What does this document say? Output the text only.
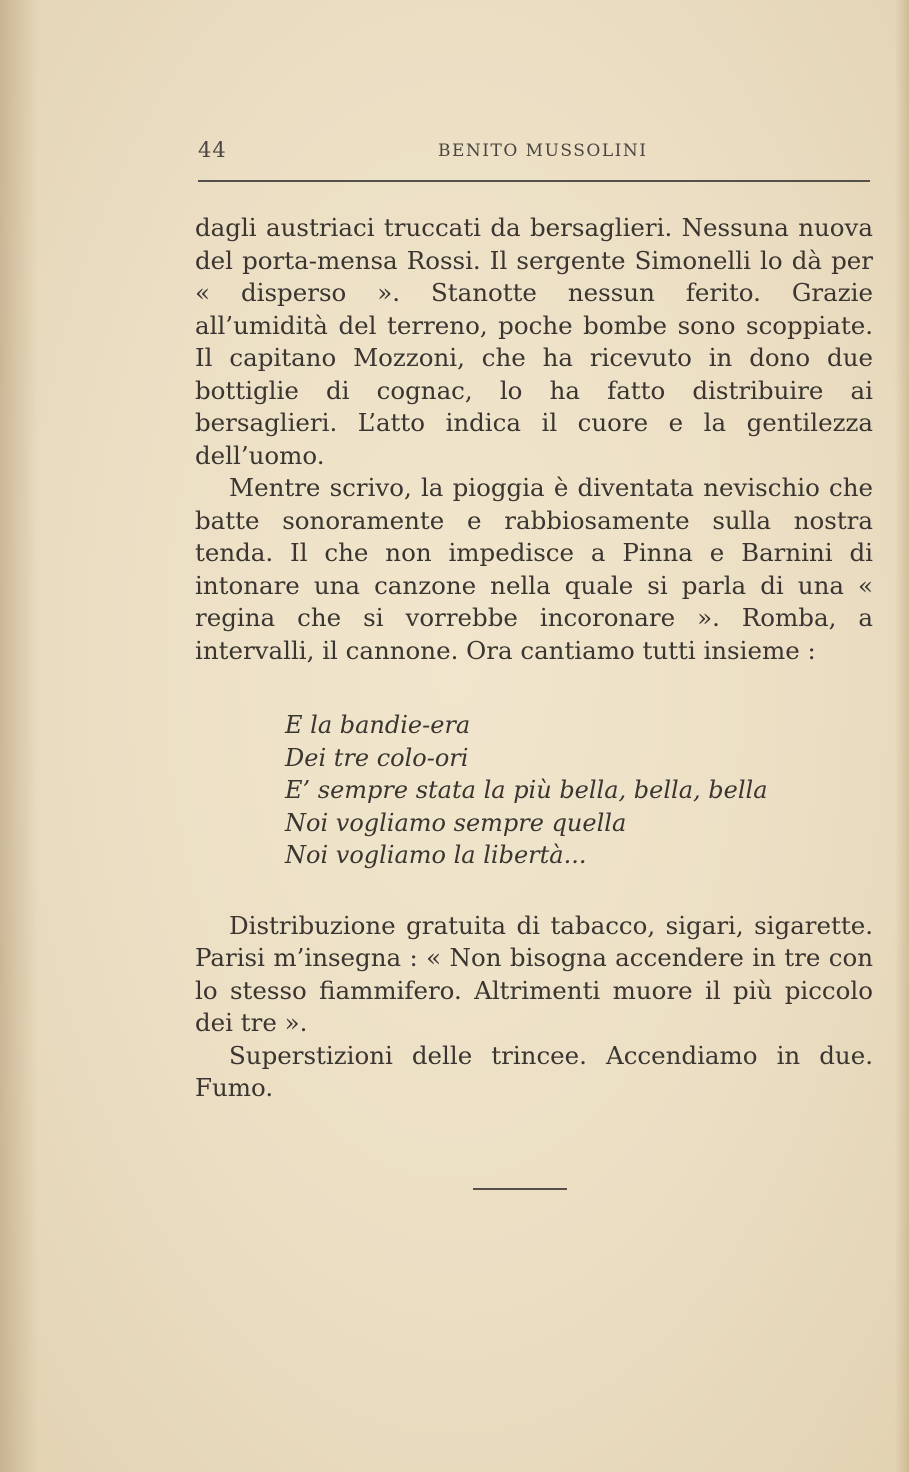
44	BENITO MUSSOLINI

dagli austriaci truccati da bersaglieri. Nessuna nuova del porta-mensa Rossi. Il sergente Simonelli lo dà per « disperso ». Stanotte nessun ferito. Grazie all’umidità del terreno, poche bombe sono scoppiate. Il capitano Mozzoni, che ha ricevuto in dono due bottiglie di cognac, lo ha fatto distribuire ai bersaglieri. L’atto indica il cuore e la gentilezza dell’uomo.

Mentre scrivo, la pioggia è diventata nevischio che batte sonoramente e rabbiosamente sulla nostra tenda. Il che non impedisce a Pinna e Barnini di intonare una canzone nella quale si parla di una « regina che si vorrebbe incoronare ». Romba, a intervalli, il cannone. Ora cantiamo tutti insieme :

E la bandie-era
Dei tre colo-ori
E’ sempre stata la più bella, bella, bella
Noi vogliamo sempre quella
Noi vogliamo la libertà...

Distribuzione gratuita di tabacco, sigari, sigarette. Parisi m’insegna : « Non bisogna accendere in tre con lo stesso fiammifero. Altrimenti muore il più piccolo dei tre ».

Superstizioni delle trincee. Accendiamo in due. Fumo.
